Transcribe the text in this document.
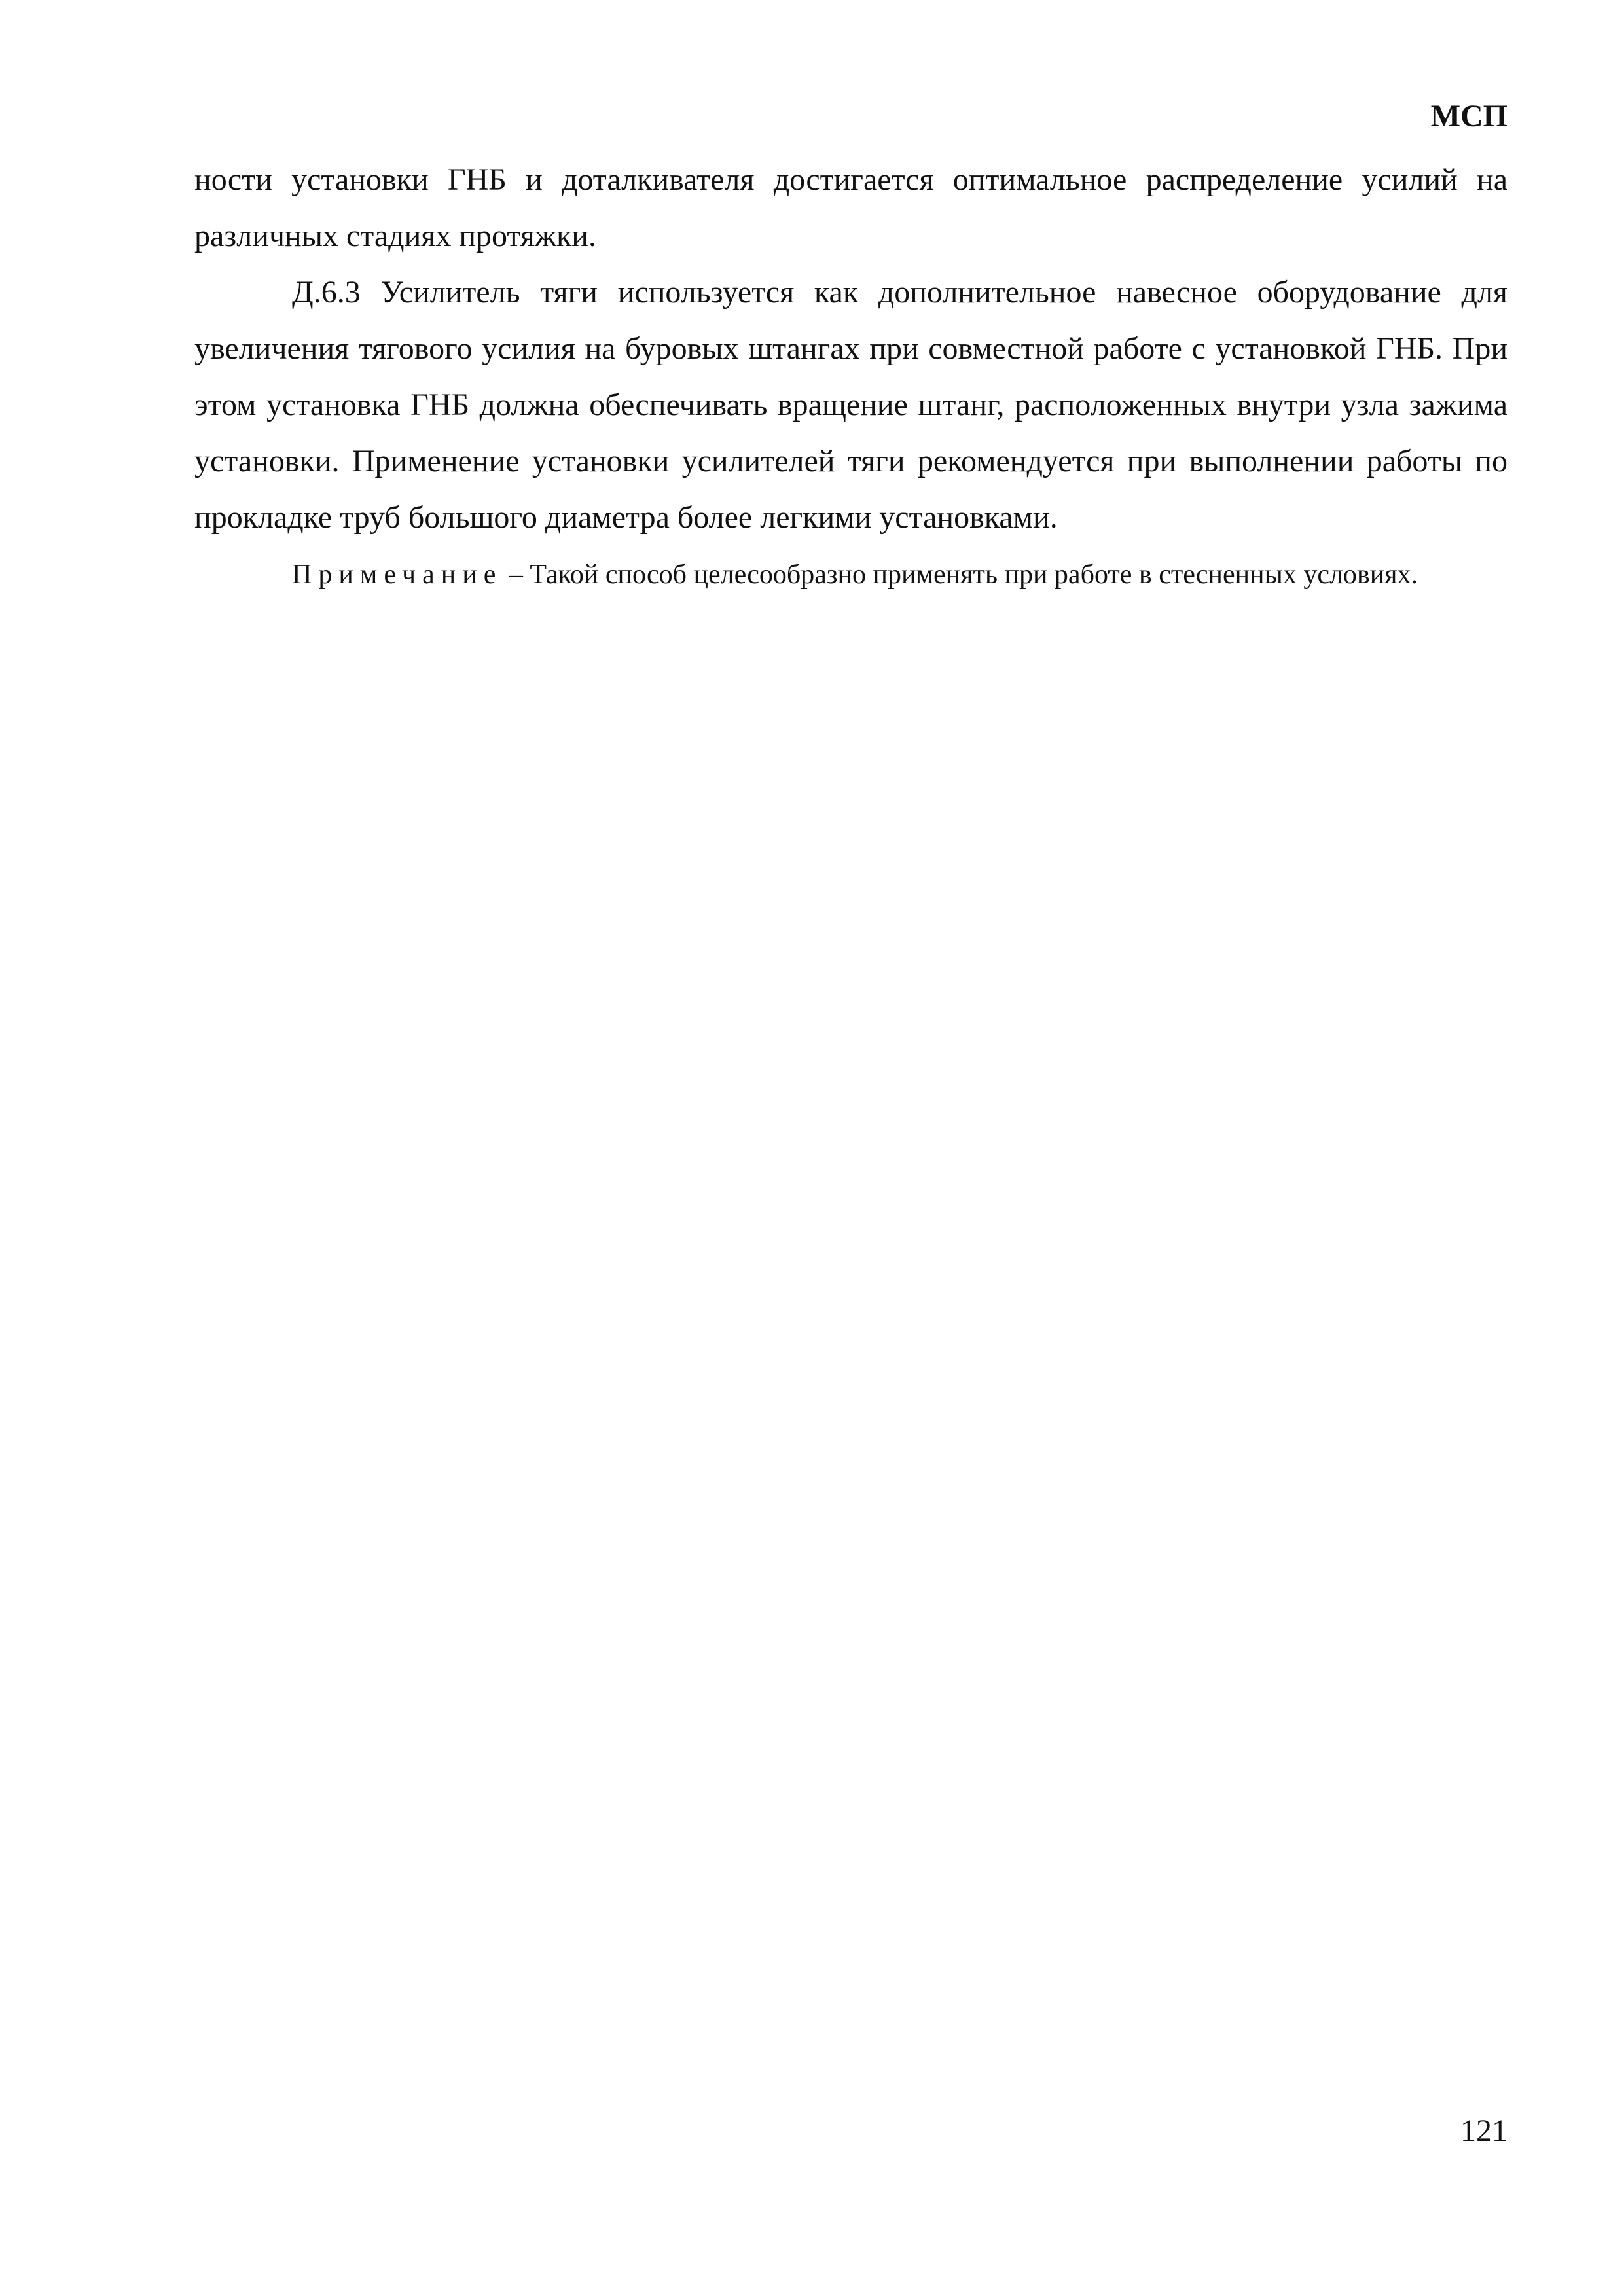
МСП

ности установки ГНБ и доталкивателя достигается оптимальное распределение усилий на различных стадиях протяжки.

Д.6.3 Усилитель тяги используется как дополнительное навесное оборудование для увеличения тягового усилия на буровых штангах при совместной работе с установкой ГНБ. При этом установка ГНБ должна обеспечивать вращение штанг, расположенных внутри узла зажима установки. Применение установки усилителей тяги рекомендуется при выполнении работы по прокладке труб большого диаметра более легкими установками.

Примечание – Такой способ целесообразно применять при работе в стесненных условиях.

121
